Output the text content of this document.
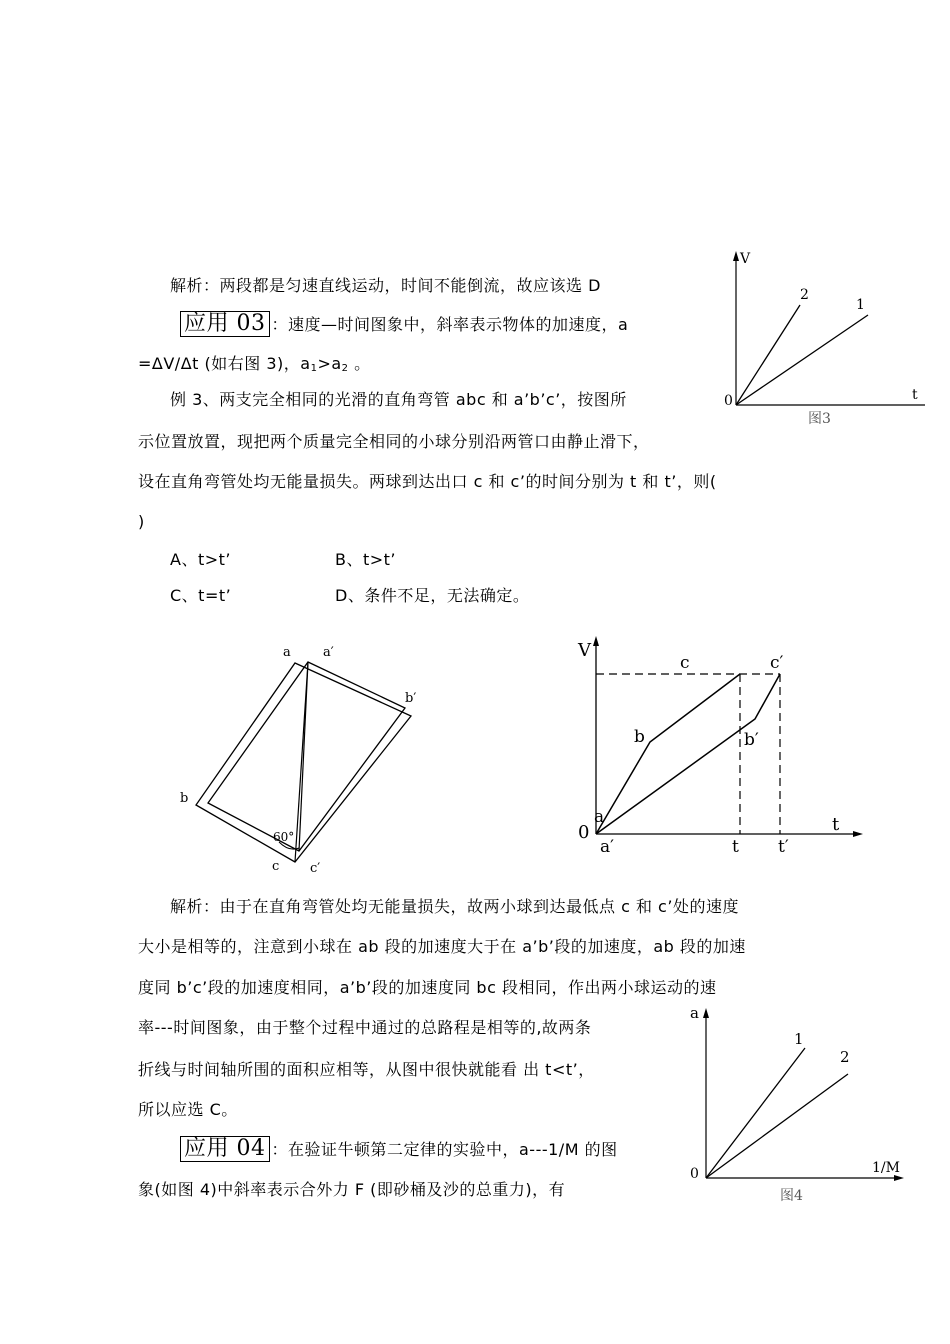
解析：两段都是匀速直线运动，时间不能倒流，故应该选 D
应用 03 ：速度—时间图象中，斜率表示物体的加速度，a
=ΔV/Δt (如右图 3)，$a_1>a_2$ 。
例 3、两支完全相同的光滑的直角弯管 abc 和 a’b’c’，按图所
示位置放置，现把两个质量完全相同的小球分别沿两管口由静止滑下，
设在直角弯管处均无能量损失。两球到达出口 c 和 c’的时间分别为 t 和 t’，则(
)
A、t>t’	B、t>t’
C、t=t’	D、条件不足，无法确定。
解析：由于在直角弯管处均无能量损失，故两小球到达最低点 c 和 c’处的速度
大小是相等的，注意到小球在 ab 段的加速度大于在 a’b’段的加速度，ab 段的加速
度同 b’c’段的加速度相同，a’b’段的加速度同 bc 段相同，作出两小球运动的速
率---时间图象，由于整个过程中通过的总路程是相等的,故两条
折线与时间轴所围的面积应相等，从图中很快就能看 出 t<t’，
所以应选 C。
应用 04 ：在验证牛顿第二定律的实验中，a---1/M 的图
象(如图 4)中斜率表示合外力 F (即砂桶及沙的总重力)，有
V
t
0
2
1
图3
60°
a a′
b′
b
c c′
V
t
0
a
a′
b	b′
c	c′
t t′
a
1/M
0
1
2
图4
